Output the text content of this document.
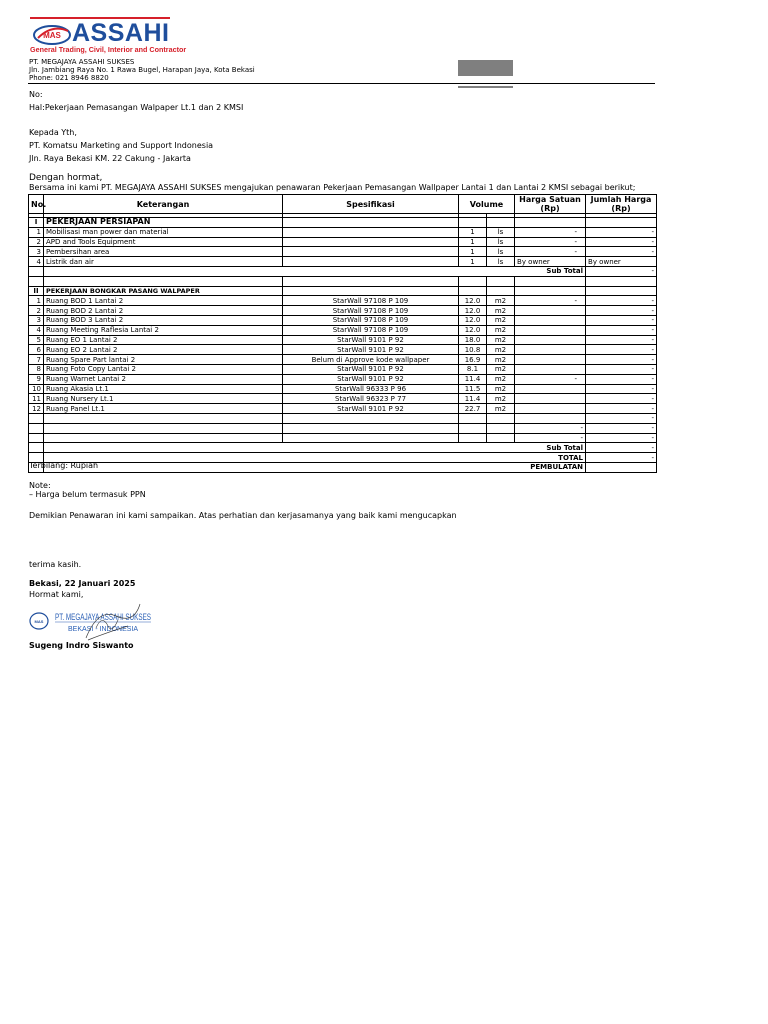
MAS ASSAHI
General Trading, Civil, Interior and Contractor
PT. MEGAJAYA ASSAHI SUKSES
Jln. Jambiang Raya No. 1 Rawa Bugel, Harapan Jaya, Kota Bekasi
Phone: 021 8946 8820
No:
Hal:Pekerjaan Pemasangan Walpaper Lt.1 dan 2 KMSI
Kepada Yth,
PT. Komatsu Marketing and Support Indonesia
Jln. Raya Bekasi KM. 22 Cakung - Jakarta
Dengan hormat,
Bersama ini kami PT. MEGAJAYA ASSAHI SUKSES mengajukan penawaran Pekerjaan Pemasangan Wallpaper Lantai 1 dan Lantai 2 KMSI sebagai berikut;
No.	Keterangan	Spesifikasi	Volume		Harga Satuan (Rp)	Jumlah Harga (Rp)

I	PEKERJAAN PERSIAPAN					
1	Mobilisasi man power dan material		1	ls	-	-
2	APD and Tools Equipment		1	ls	-	-
3	Pembersihan area		1	ls	-	-
4	Listrik dan air		1	ls	By owner	By owner
	Sub Total					-

II	PEKERJAAN BONGKAR PASANG WALPAPER					
1	Ruang BOD 1 Lantai 2	StarWall 97108 P 109	12.0	m2	-	-
2	Ruang BOD 2 Lantai 2	StarWall 97108 P 109	12.0	m2		-
3	Ruang BOD 3 Lantai 2	StarWall 97108 P 109	12.0	m2		-
4	Ruang Meeting Raflesia Lantai 2	StarWall 97108 P 109	12.0	m2		-
5	Ruang EO 1 Lantai 2	StarWall 9101 P 92	18.0	m2		-
6	Ruang EO 2 Lantai 2	StarWall 9101 P 92	10.8	m2		-
7	Ruang Spare Part lantai 2	Belum di Approve kode wallpaper	16.9	m2		-
8	Ruang Foto Copy Lantai 2	StarWall 9101 P 92	8.1	m2		-
9	Ruang Warnet Lantai 2	StarWall 9101 P 92	11.4	m2	-	-
10	Ruang Akasia Lt.1	StarWall 96333 P 96	11.5	m2		-
11	Ruang Nursery Lt.1	StarWall 96323 P 77	11.4	m2		-
12	Ruang Panel Lt.1	StarWall 9101 P 92	22.7	m2		-
						-
					-	-
					-	-
	Sub Total					-
	TOTAL					-
	PEMBULATAN					
Terbilang: Rupiah
Note:
– Harga belum termasuk PPN
Demikian Penawaran ini kami sampaikan. Atas perhatian dan kerjasamanya yang baik kami mengucapkan
terima kasih.
Bekasi, 22 Januari 2025
Hormat kami,
MAS PT. MEGAJAYA ASSAHI SUKSES
BEKASI - INDONESIA
Sugeng Indro Siswanto
